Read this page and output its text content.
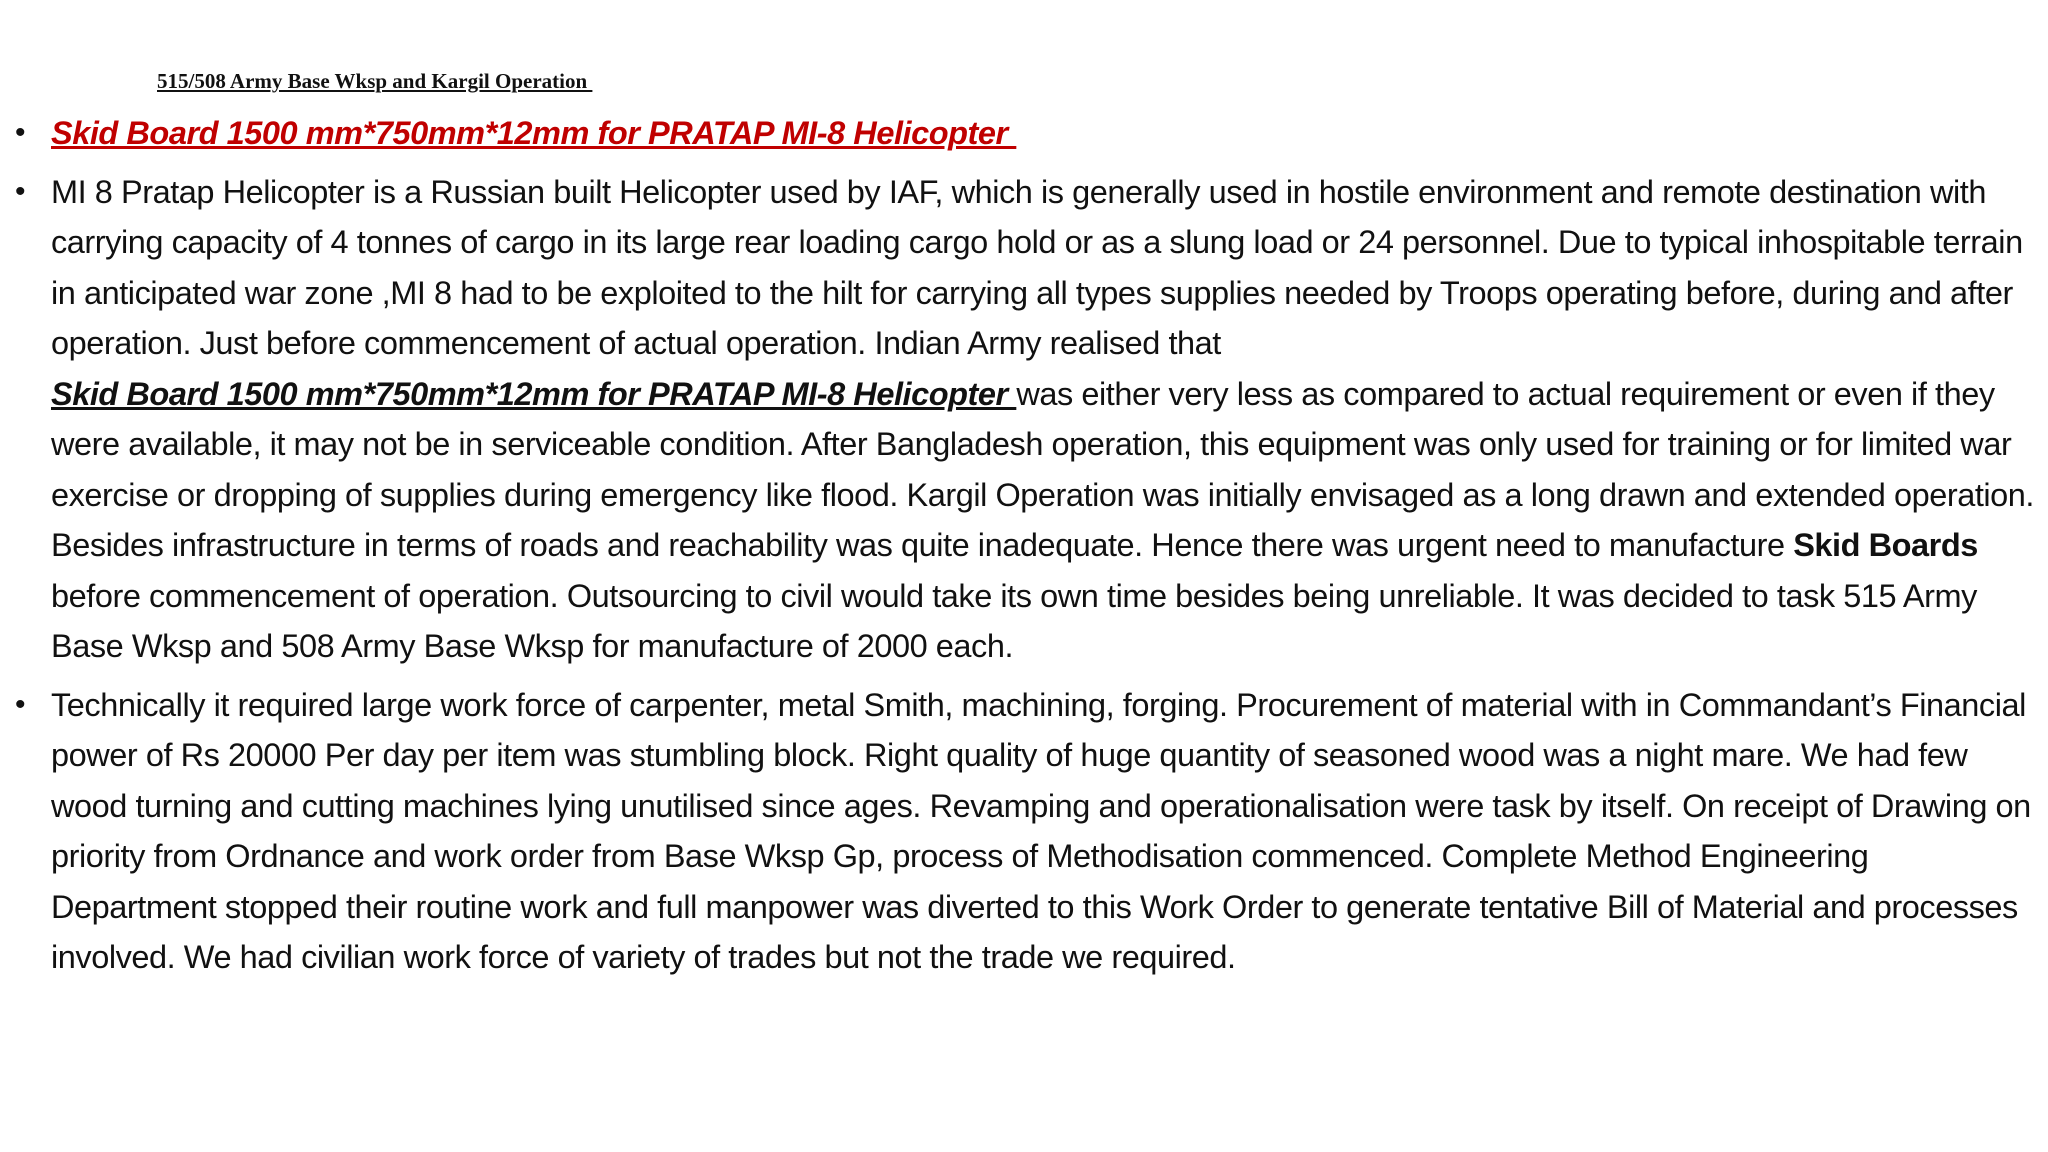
515/508 Army Base Wksp and Kargil Operation
• Skid Board 1500 mm*750mm*12mm for PRATAP MI-8 Helicopter
• MI 8 Pratap Helicopter is a Russian built Helicopter used by IAF, which is generally used in hostile environment and remote destination with carrying capacity of 4 tonnes of cargo in its large rear loading cargo hold or as a slung load or 24 personnel. Due to typical inhospitable terrain in anticipated war zone ,MI 8 had to be exploited to the hilt for carrying all types supplies needed by Troops operating before, during and after operation. Just before commencement of actual operation. Indian Army realised that Skid Board 1500 mm*750mm*12mm for PRATAP MI-8 Helicopter was either very less as compared to actual requirement or even if they were available, it may not be in serviceable condition. After Bangladesh operation, this equipment was only used for training or for limited war exercise or dropping of supplies during emergency like flood. Kargil Operation was initially envisaged as a long drawn and extended operation. Besides infrastructure in terms of roads and reachability was quite inadequate. Hence there was urgent need to manufacture Skid Boards before commencement of operation. Outsourcing to civil would take its own time besides being unreliable. It was decided to task 515 Army Base Wksp and 508 Army Base Wksp for manufacture of 2000 each.
• Technically it required large work force of carpenter, metal Smith, machining, forging. Procurement of material with in Commandant’s Financial power of Rs 20000 Per day per item was stumbling block. Right quality of huge quantity of seasoned wood was a night mare. We had few wood turning and cutting machines lying unutilised since ages. Revamping and operationalisation were task by itself. On receipt of Drawing on priority from Ordnance and work order from Base Wksp Gp, process of Methodisation commenced. Complete Method Engineering Department stopped their routine work and full manpower was diverted to this Work Order to generate tentative Bill of Material and processes involved. We had civilian work force of variety of trades but not the trade we required.
